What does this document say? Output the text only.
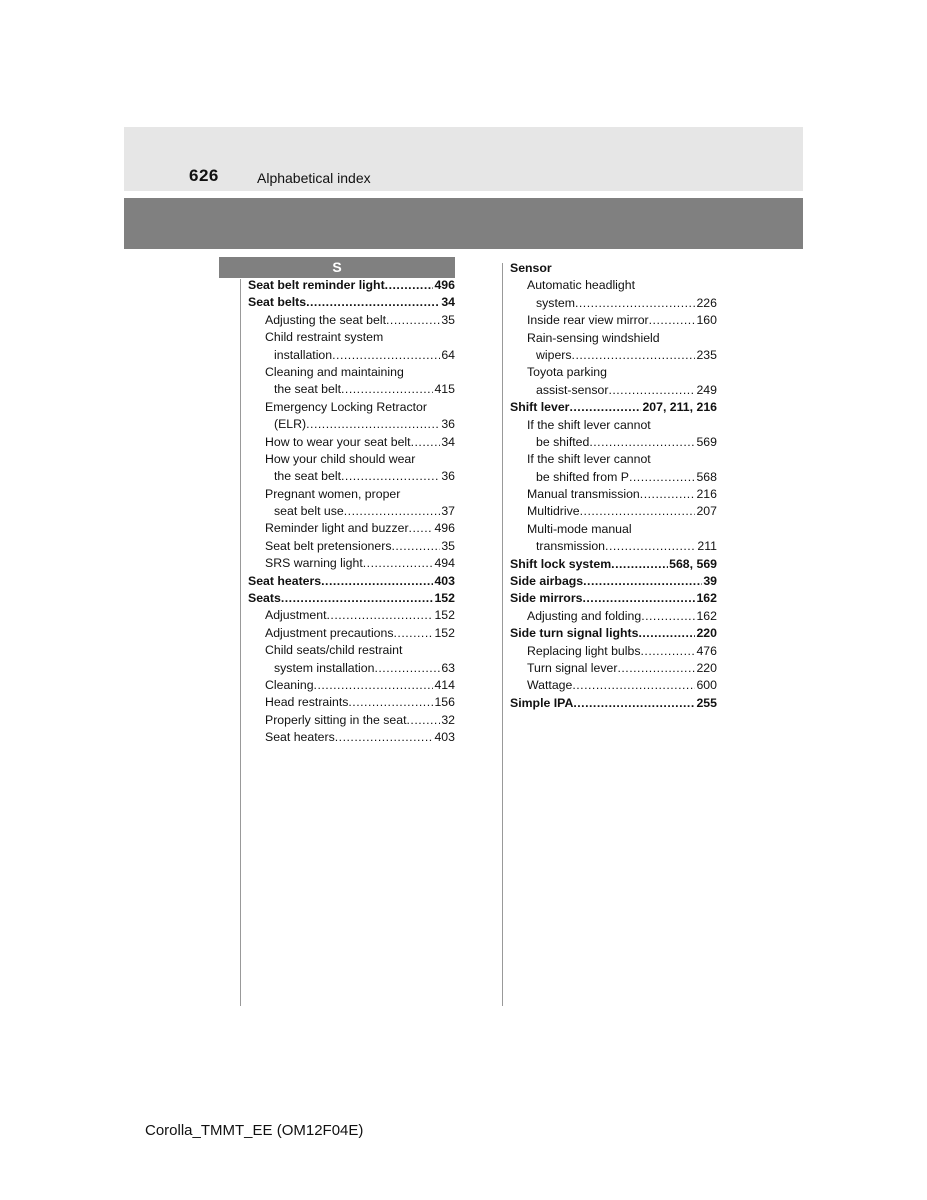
626	Alphabetical index
S
Seat belt reminder light .....	496
Seat belts .....	34
Adjusting the seat belt .....	35
Child restraint system
installation .....	64
Cleaning and maintaining
the seat belt .....	415
Emergency Locking Retractor
(ELR) .....	36
How to wear your seat belt ..... 34
How your child should wear
the seat belt .....	36
Pregnant women, proper
seat belt use .....	37
Reminder light and buzzer ..... 496
Seat belt pretensioners .....	35
SRS warning light .....	494
Seat heaters .....	403
Seats .....	152
Adjustment .....	152
Adjustment precautions .....	152
Child seats/child restraint
system installation .....	63
Cleaning .....	414
Head restraints .....	156
Properly sitting in the seat .....	32
Seat heaters .....	403
Sensor
Automatic headlight
system .....	226
Inside rear view mirror .....	160
Rain-sensing windshield
wipers .....	235
Toyota parking
assist-sensor .....	249
Shift lever .....	207, 211, 216
If the shift lever cannot
be shifted .....	569
If the shift lever cannot
be shifted from P .....	568
Manual transmission .....	216
Multidrive .....	207
Multi-mode manual
transmission .....	211
Shift lock system .....	568, 569
Side airbags .....	39
Side mirrors .....	162
Adjusting and folding .....	162
Side turn signal lights .....	220
Replacing light bulbs .....	476
Turn signal lever .....	220
Wattage .....	600
Simple IPA .....	255
Corolla_TMMT_EE (OM12F04E)
